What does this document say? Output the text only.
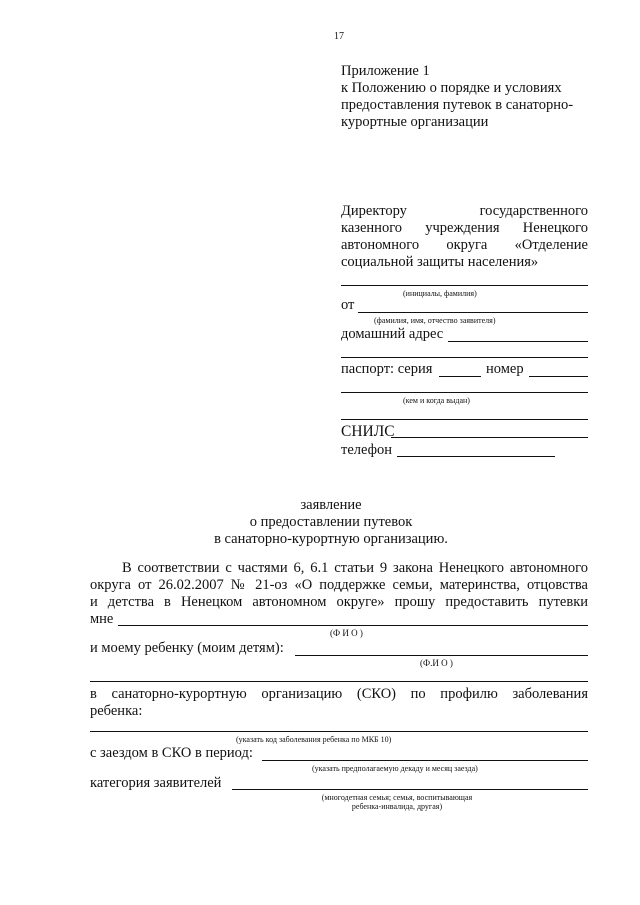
17
Приложение 1
к Положению о порядке и условиях
предоставления путевок в санаторно-
курортные организации
Директору	государственного
казенного учреждения Ненецкого
автономного округа «Отделение
социальной защиты населения»
(инициалы, фамилия)
от
(фамилия, имя, отчество заявителя)
домашний адрес
паспорт: серия	номер
(кем и когда выдан)
СНИЛС
телефон
заявление
о предоставлении путевок
в санаторно-курортную организацию.
В соответствии с частями 6, 6.1 статьи 9 закона Ненецкого автономного
округа от 26.02.2007 № 21-оз «О поддержке семьи, материнства, отцовства
и детства в Ненецком автономном округе» прошу предоставить путевки
мне
(Ф И О )
и моему ребенку (моим детям):
(Ф.И О )
в санаторно-курортную организацию (СКО) по профилю заболевания
ребенка:
(указать код заболевания ребенка по МКБ 10)
с заездом в СКО в период:
(указать предполагаемую декаду и месяц заезда)
категория заявителей
(многодетная семья; семья, воспитывающая
ребенка-инвалида, другая)
